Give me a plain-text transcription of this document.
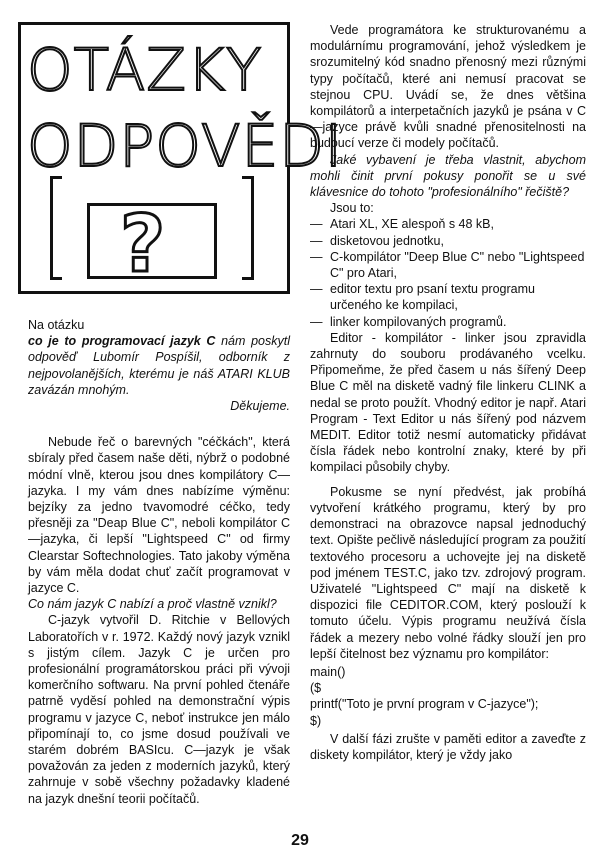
OTÁZKY
ODPOVĚDI
?

Na otázku
co je to programovací jazyk C nám poskytl odpověď Lubomír Pospíšil, odborník z nejpovolanějších, kterému je náš ATARI KLUB zavázán mnohým.

Děkujeme.

Nebude řeč o barevných "céčkách", která sbíraly před časem naše děti, nýbrž o podobné módní vlně, kterou jsou dnes kompilátory C—jazyka. I my vám dnes nabízíme výměnu: bejzíky za jedno tvavomodré céčko, tedy přesněji za "Deap Blue C", neboli kompilátor C—jazyka, či lepší "Lightspeed C" od firmy Clearstar Softechnologies. Tato jakoby výměna by vám měla dodat chuť začít programovat v jazyce C.

Co nám jazyk C nabízí a proč vlastně vznikl?

C-jazyk vytvořil D. Ritchie v Bellových Laboratořích v r. 1972. Každý nový jazyk vznikl s jistým cílem. Jazyk C je určen pro profesionální programátorskou práci při vývoji komerčního softwaru. Na první pohled čtenáře patrně vyděsí pohled na demonstrační výpis programu v jazyce C, neboť instrukce jen málo připomínají to, co jsme dosud používali ve starém dobrém BASIcu. C—jazyk je však považován za jeden z moderních jazyků, který zahrnuje v sobě všechny požadavky kladené na jazyk dnešní teorii počítačů.

Vede programátora ke strukturovanému a modulárnímu programování, jehož výsledkem je srozumitelný kód snadno přenosný mezi různými typy počítačů, které ani nemusí pracovat se stejnou CPU. Uvádí se, že dnes většina kompilátorů a interpetačních jazyků je psána v C—jazyce právě kvůli snadné přenositelnosti na budoucí verze či modely počítačů.

Jaké vybavení je třeba vlastnit, abychom mohli činit první pokusy ponořit se u své klávesnice do tohoto "profesionálního" řečiště?

Jsou to:

— Atari XL, XE alespoň s 48 kB,
— disketovou jednotku,
— C-kompilátor "Deep Blue C" nebo "Lightspeed C" pro Atari,
— editor textu pro psaní textu programu určeného ke kompilaci,
— linker kompilovaných programů.

Editor - kompilátor - linker jsou zpravidla zahrnuty do souboru prodávaného vcelku. Připomeňme, že před časem u nás šířený Deep Blue C měl na disketě vadný file linkeru CLINK a nedal se proto použít. Vhodný editor je např. Atari Program - Text Editor u nás šířený pod názvem MEDIT. Editor totiž nesmí automaticky přidávat čísla řádek nebo kontrolní znaky, které by při kompilaci působily chyby.

Pokusme se nyní předvést, jak probíhá vytvoření krátkého programu, který by pro demonstraci na obrazovce napsal jednoduchý text. Opište pečlivě následující program za použití textového procesoru a uchovejte jej na disketě pod jménem TEST.C, jako tzv. zdrojový program. Uživatelé "Lightspeed C" mají na disketě k dispozici file CEDITOR.COM, který poslouží k tomuto účelu. Výpis programu neužívá čísla řádek a mezery nebo volné řádky slouží jen pro lepší čitelnost bez významu pro kompilátor:

main()
($
printf("Toto je první program v C-jazyce");
$)

V další fázi zrušte v paměti editor a zaveďte z diskety kompilátor, který je vždy jako

29
